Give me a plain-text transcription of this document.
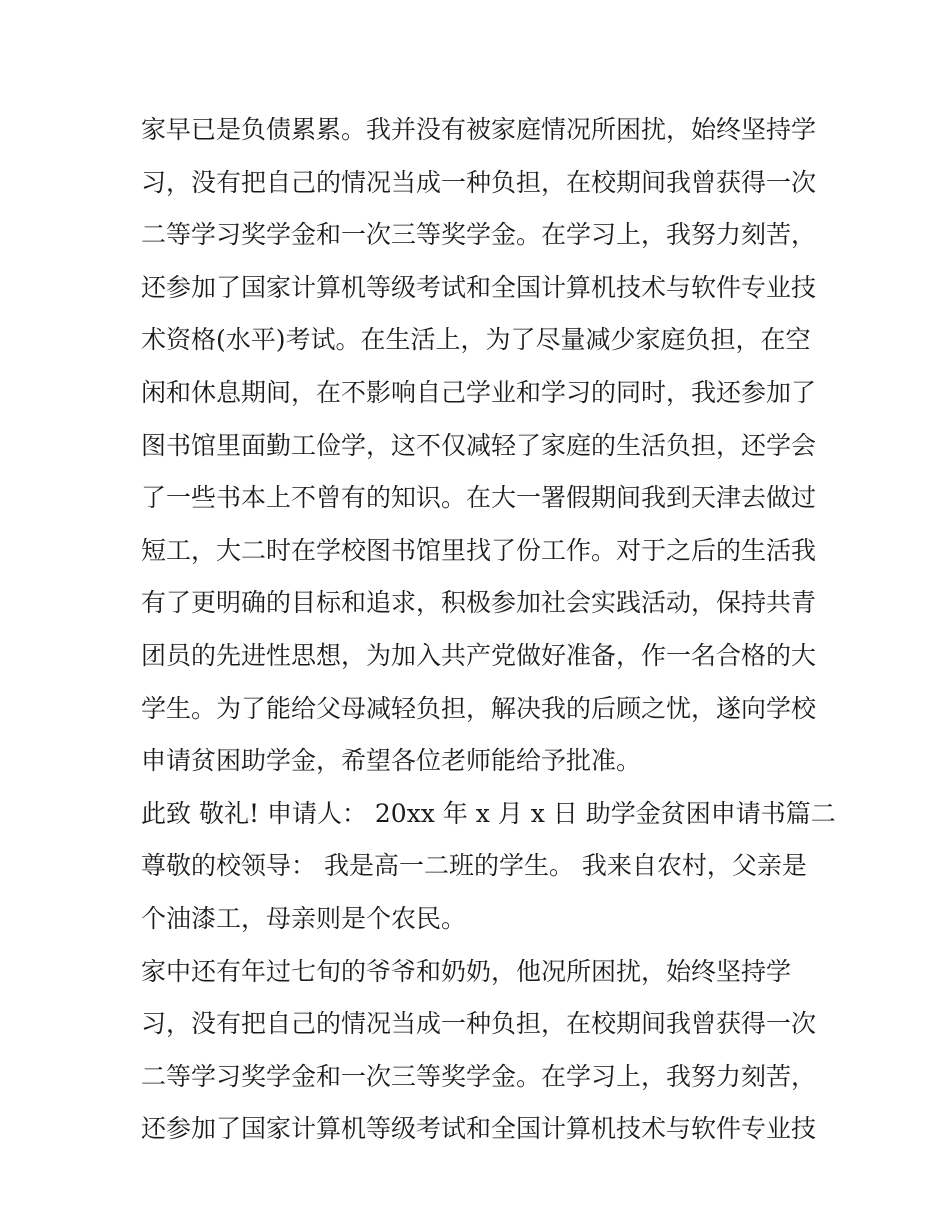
家早已是负债累累。我并没有被家庭情况所困扰，始终坚持学
习，没有把自己的情况当成一种负担，在校期间我曾获得一次
二等学习奖学金和一次三等奖学金。在学习上，我努力刻苦，
还参加了国家计算机等级考试和全国计算机技术与软件专业技
术资格(水平)考试。在生活上，为了尽量减少家庭负担，在空
闲和休息期间，在不影响自己学业和学习的同时，我还参加了
图书馆里面勤工俭学，这不仅减轻了家庭的生活负担，还学会
了一些书本上不曾有的知识。在大一署假期间我到天津去做过
短工，大二时在学校图书馆里找了份工作。对于之后的生活我
有了更明确的目标和追求，积极参加社会实践活动，保持共青
团员的先进性思想，为加入共产党做好准备，作一名合格的大
学生。为了能给父母减轻负担，解决我的后顾之忧，遂向学校
申请贫困助学金，希望各位老师能给予批准。
此致 敬礼! 申请人： 20xx 年 x 月 x 日 助学金贫困申请书篇二
尊敬的校领导： 我是高一二班的学生。 我来自农村，父亲是
个油漆工，母亲则是个农民。
家中还有年过七旬的爷爷和奶奶，他况所困扰，始终坚持学
习，没有把自己的情况当成一种负担，在校期间我曾获得一次
二等学习奖学金和一次三等奖学金。在学习上，我努力刻苦，
还参加了国家计算机等级考试和全国计算机技术与软件专业技
